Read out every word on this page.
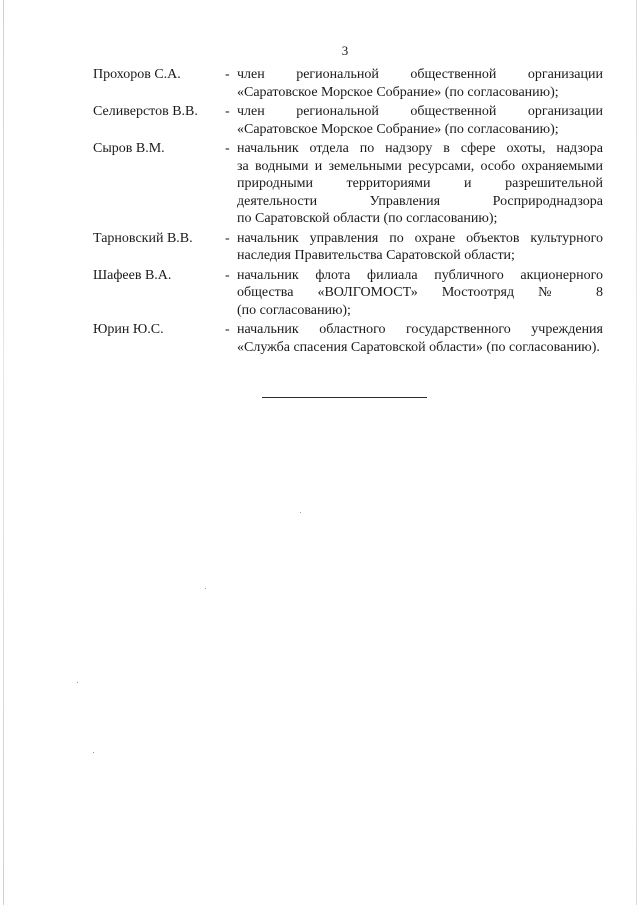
3
Прохоров С.А.	- член региональной общественной организации
«Саратовское Морское Собрание» (по согласованию);
Селиверстов В.В.	- член региональной общественной организации
«Саратовское Морское Собрание» (по согласованию);
Сыров В.М.	- начальник отдела по надзору в сфере охоты, надзора
за водными и земельными ресурсами, особо охраняемыми
природными территориями и разрешительной
деятельности Управления Росприроднадзора
по Саратовской области (по согласованию);
Тарновский В.В.	- начальник управления по охране объектов культурного
наследия Правительства Саратовской области;
Шафеев В.А.	- начальник флота филиала публичного акционерного
общества «ВОЛГОМОСТ» Мостоотряд № 8
(по согласованию);
Юрин Ю.С.	- начальник областного государственного учреждения
«Служба спасения Саратовской области» (по согласованию).
